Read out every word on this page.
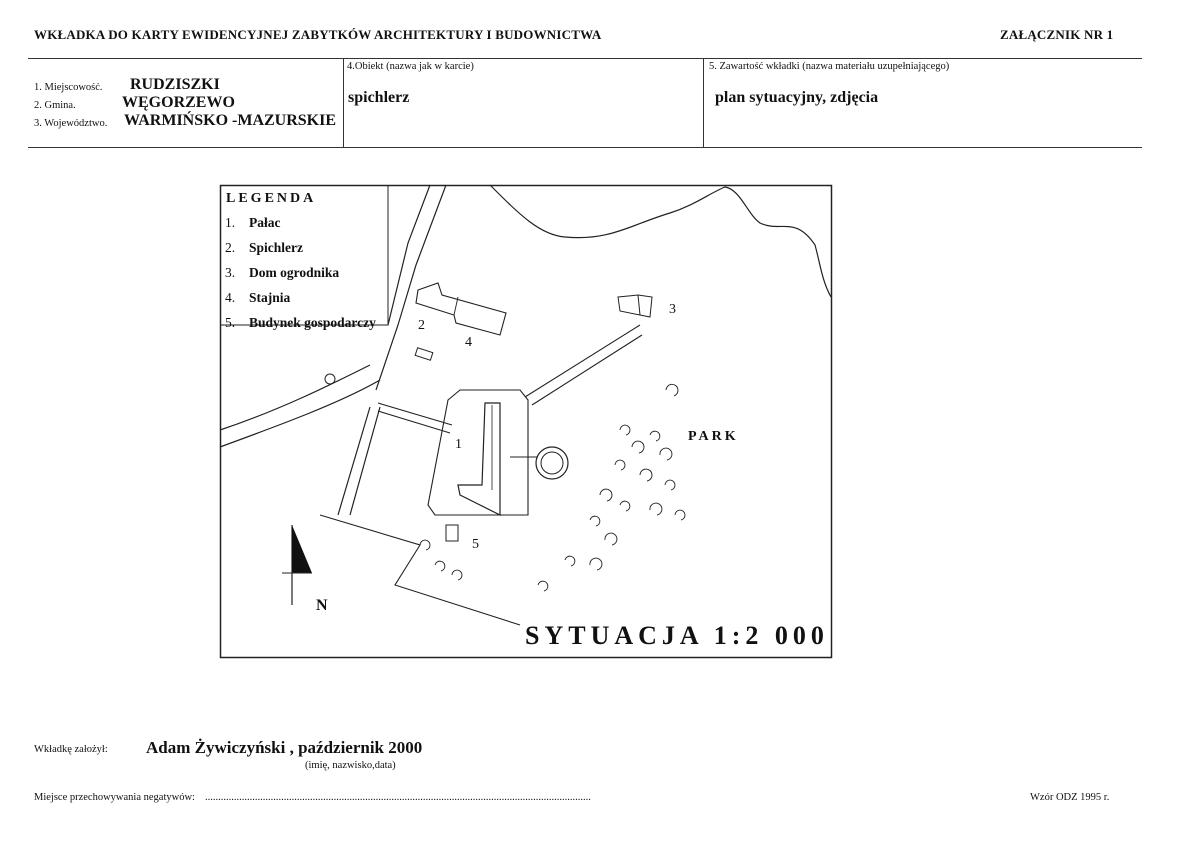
WKŁADKA DO KARTY EWIDENCYJNEJ ZABYTKÓW ARCHITEKTURY I BUDOWNICTWA	ZAŁĄCZNIK NR 1
1. Miejscowość. RUDZISZKI
2. Gmina.	WĘGORZEWO
3. Województwo. WARMIŃSKO -MAZURSKIE
4.Obiekt (nazwa jak w karcie)
spichlerz
5. Zawartość wkładki (nazwa materiału uzupełniającego)
plan sytuacyjny, zdjęcia
LEGENDA
1. Pałac
2. Spichlerz
3. Dom ogrodnika
4. Stajnia
5. Budynek gospodarczy
1
2
3
4
5
PARK
N
SYTUACJA 1:2 000
Wkładkę założył: Adam Żywiczyński , październik 2000
(imię, nazwisko,data)
Miejsce przechowywania negatywów: ...................................................................................................................................................	Wzór ODZ 1995 r.
